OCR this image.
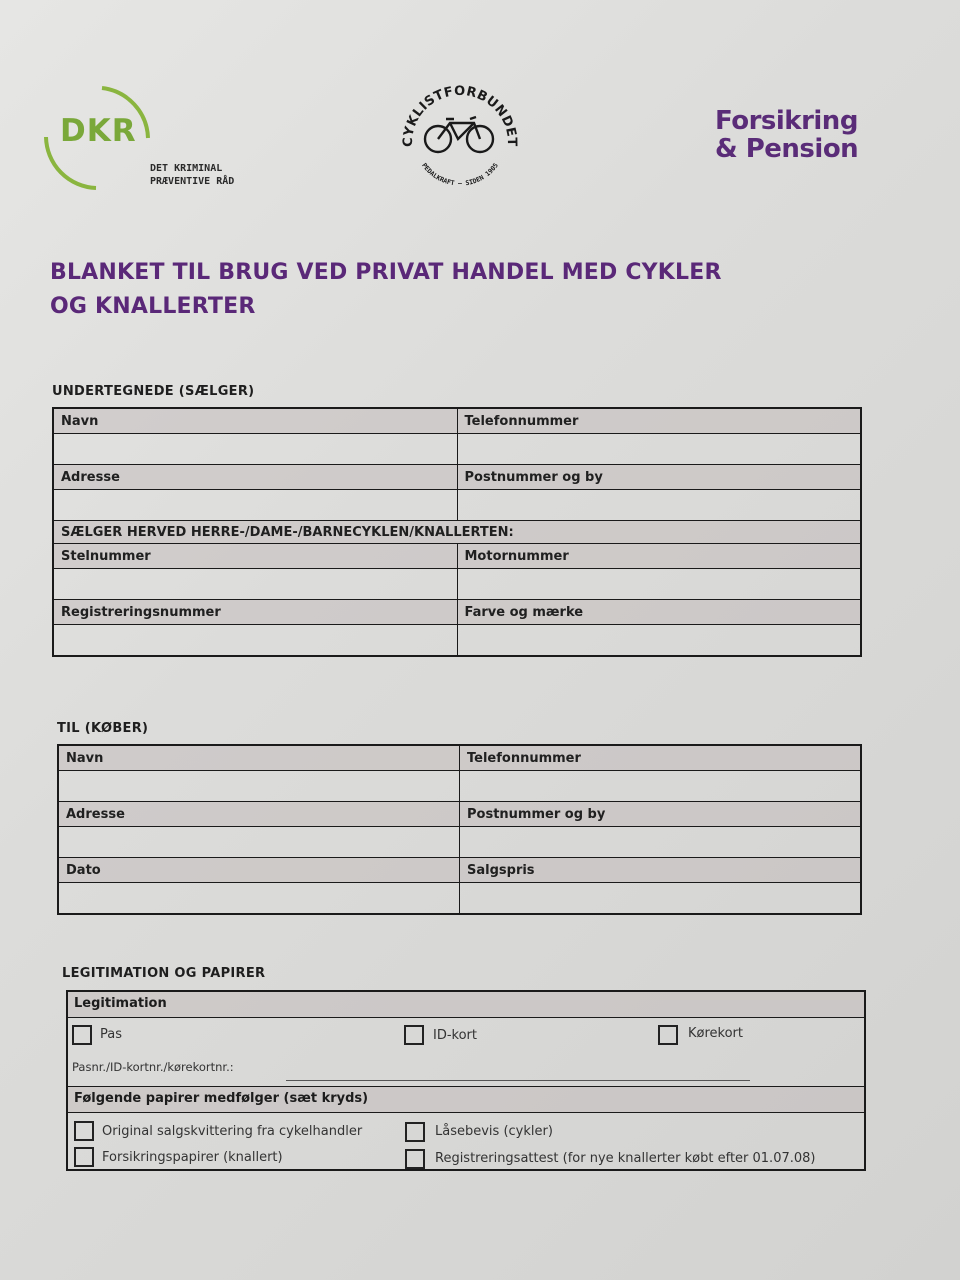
DKR
DET KRIMINAL
PRÆVENTIVE RÅD
CYKLISTFORBUNDET
PEDALKRAFT – SIDEN 1905
Forsikring
& Pension
BLANKET TIL BRUG VED PRIVAT HANDEL MED CYKLER
OG KNALLERTER
UNDERTEGNEDE (SÆLGER)
Navn	Telefonnummer

Adresse	Postnummer og by

SÆLGER HERVED HERRE-/DAME-/BARNECYKLEN/KNALLERTEN:	
Stelnummer	Motornummer

Registreringsnummer	Farve og mærke

TIL (KØBER)
Navn	Telefonnummer

Adresse	Postnummer og by

Dato	Salgspris

LEGITIMATION OG PAPIRER
Legitimation
Pas	ID-kort	Kørekort
Pasnr./ID-kortnr./kørekortnr.:
Følgende papirer medfølger (sæt kryds)
Original salgskvittering fra cykelhandler	Låsebevis (cykler)
Forsikringspapirer (knallert)	Registreringsattest (for nye knallerter købt efter 01.07.08)
